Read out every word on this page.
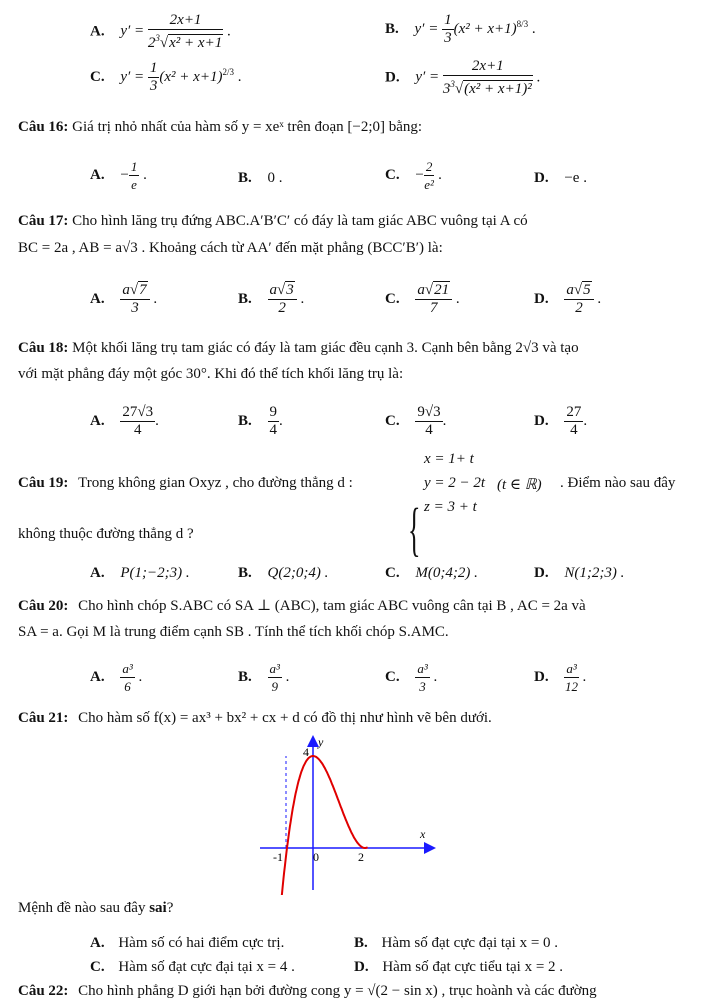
A. $y' = \frac{2x+1}{2^3√x^2 + x+1}$ .	B. $y' = \frac{1}{3} (x^2 + x+1)^{8/3}$ .
C. $y' = \frac{1}{3} (x^2 + x+1)^{2/3}$ .	D. $y' = \frac{2x+1}{3^3√(x^2 + x+1)^2}$ .
Câu 16: Giá trị nhỏ nhất của hàm số y = xeˣ trên đoạn [−2;0] bằng:
A. − $\frac{1}{e}$ .	B. 0 .	C. − $\frac{2}{\text{e²}}$ .	D. −e .
Câu 17: Cho hình lăng trụ đứng ABC.A′B′C′ có đáy là tam giác ABC vuông tại A có
BC = 2a , AB = a√3 . Khoảng cách từ AA′ đến mặt phẳng (BCC′B′) là:
A. $\frac{a√7}{3}$ .	B. $\frac{a√3}{2}$ .	C. $\frac{a√21}{7}$ .	D. $\frac{a√5}{2}$ .
Câu 18: Một khối lăng trụ tam giác có đáy là tam giác đều cạnh 3. Cạnh bên bằng 2√3 và tạo
với mặt phẳng đáy một góc 30°. Khi đó thể tích khối lăng trụ là:
A. $\frac{27√3}{4}$ .	B. $\frac{9}{4}$ .	C. $\frac{9√3}{4}$ .	D. $\frac{27}{4}$ .
Câu 19: Trong không gian Oxyz , cho đường thẳng d :
{
x = 1+ t
y = 2 − 2t
z = 3 + t
(t ∈ ℝ) . Điểm nào sau đây
không thuộc đường thẳng d ?
A. P(1;−2;3) .	B. Q(2;0;4) .	C. M(0;4;2) .	D. N(1;2;3) .
Câu 20: Cho hình chóp S.ABC có SA ⊥ (ABC), tam giác ABC vuông cân tại B , AC = 2a và
SA = a. Gọi M là trung điểm cạnh SB . Tính thể tích khối chóp S.AMC.
A. $\frac{\text{a³}}{6}$ .	B. $\frac{\text{a³}}{9}$ .	C. $\frac{\text{a³}}{3}$ .	D. $\frac{\text{a³}}{12}$ .
Câu 21: Cho hàm số f(x) = ax³ + bx² + cx + d có đồ thị như hình vẽ bên dưới.
4
y
x
-1	0	2
Mệnh đề nào sau đây sai?
A. Hàm số có hai điểm cực trị.	B. Hàm số đạt cực đại tại x = 0 .
C. Hàm số đạt cực đại tại x = 4 .	D. Hàm số đạt cực tiểu tại x = 2 .
Câu 22: Cho hình phẳng D giới hạn bởi đường cong y = √(2 − sin x) , trục hoành và các đường
